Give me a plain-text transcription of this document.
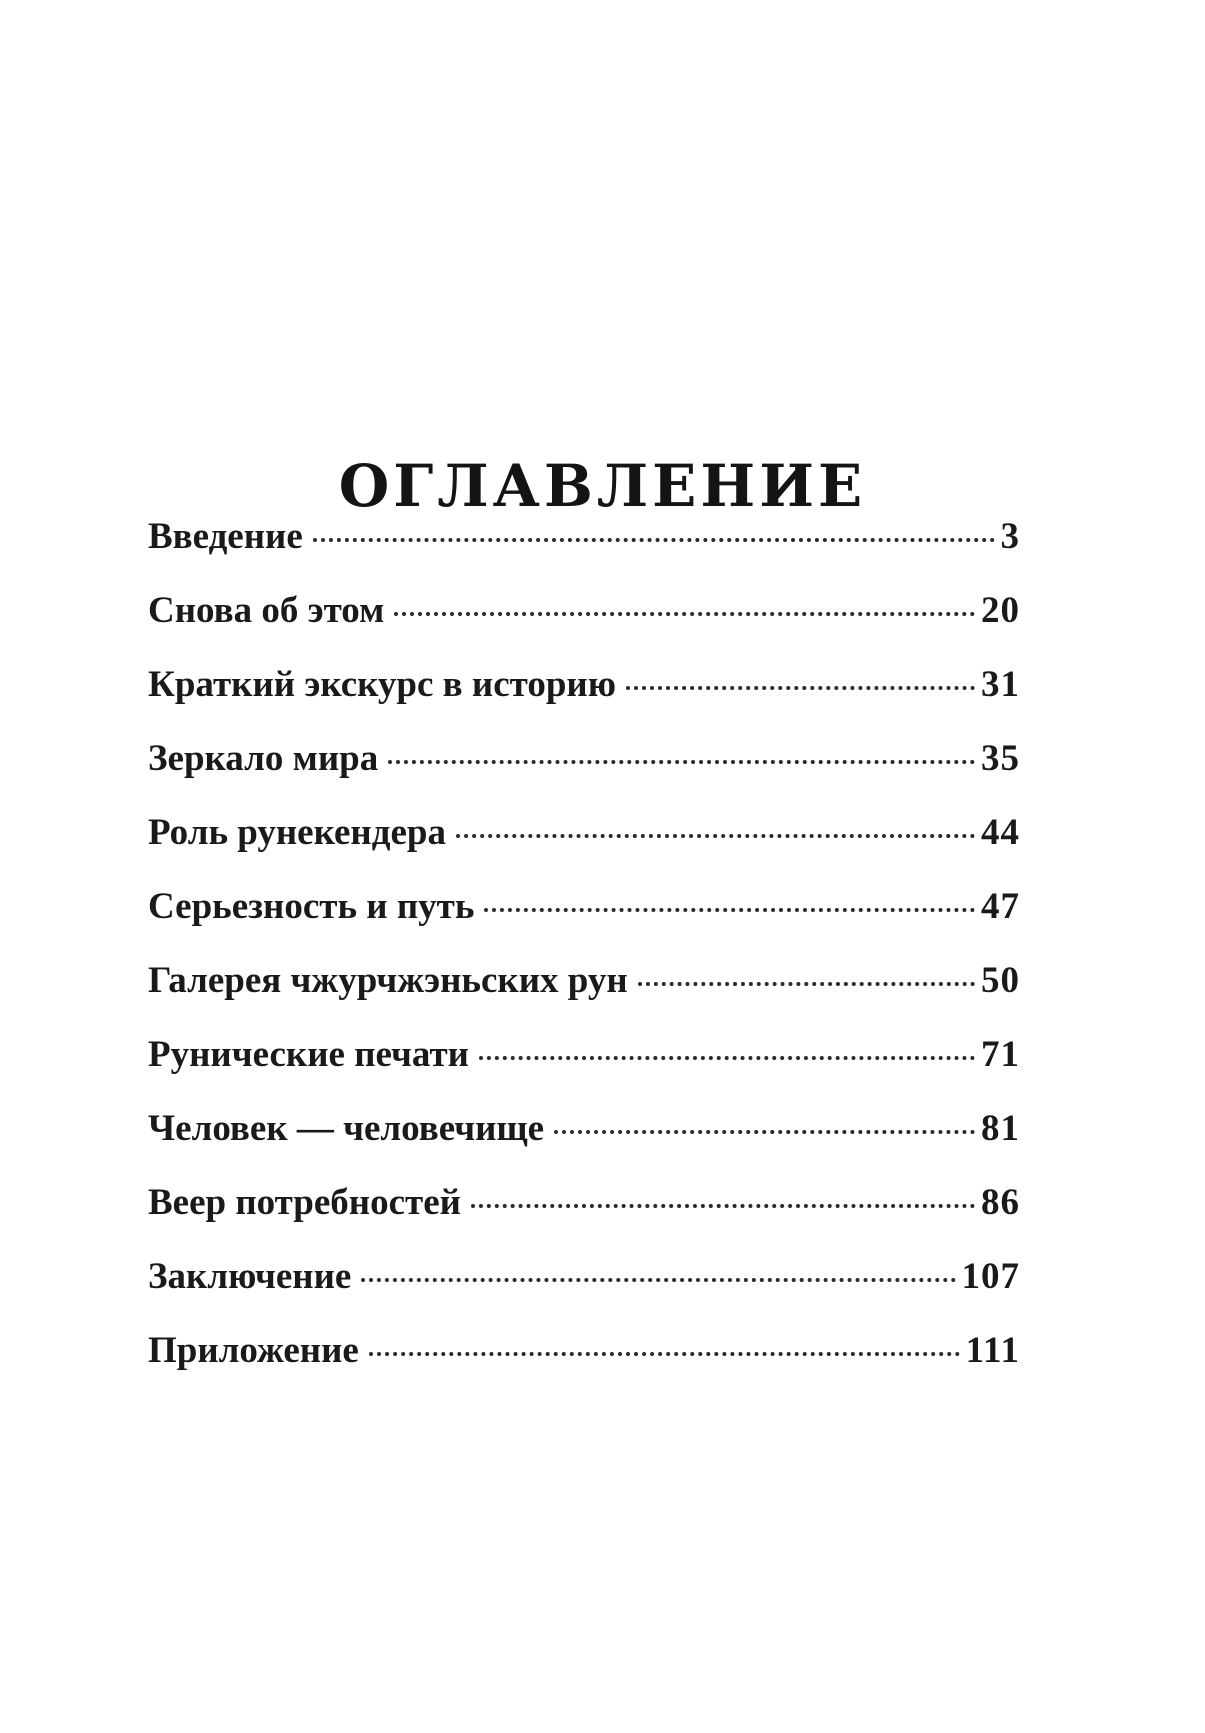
ОГЛАВЛЕНИЕ
Введение	3
Снова об этом	20
Краткий экскурс в историю	31
Зеркало мира	35
Роль рунекендера	44
Серьезность и путь	47
Галерея чжурчжэньских рун	50
Рунические печати	71
Человек — человечище	81
Веер потребностей	86
Заключение	107
Приложение	111
